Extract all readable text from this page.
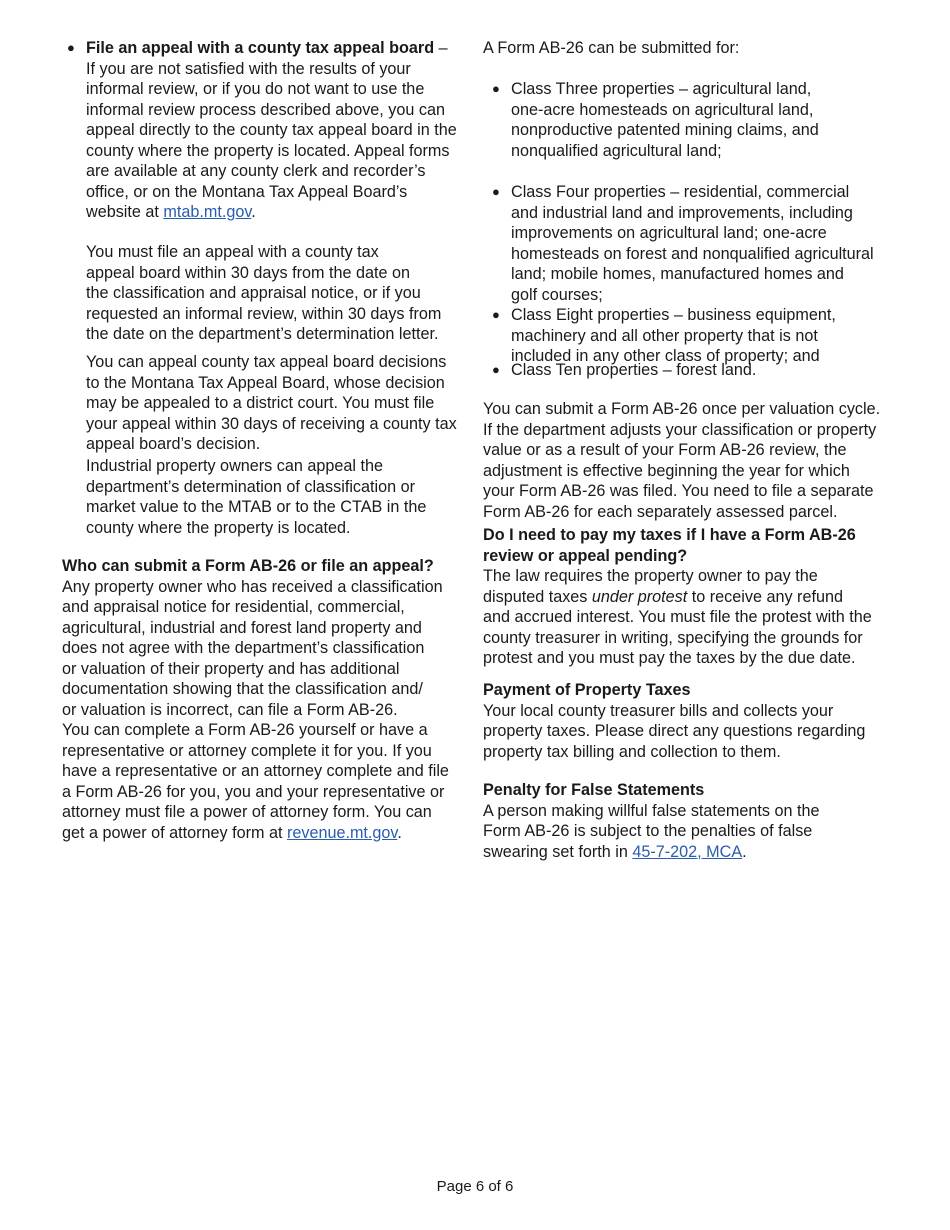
● File an appeal with a county tax appeal board –
If you are not satisfied with the results of your
informal review, or if you do not want to use the
informal review process described above, you can
appeal directly to the county tax appeal board in the
county where the property is located. Appeal forms
are available at any county clerk and recorder’s
office, or on the Montana Tax Appeal Board’s
website at mtab.mt.gov.
You must file an appeal with a county tax
appeal board within 30 days from the date on
the classification and appraisal notice, or if you
requested an informal review, within 30 days from
the date on the department’s determination letter.
You can appeal county tax appeal board decisions
to the Montana Tax Appeal Board, whose decision
may be appealed to a district court. You must file
your appeal within 30 days of receiving a county tax
appeal board’s decision.
Industrial property owners can appeal the
department’s determination of classification or
market value to the MTAB or to the CTAB in the
county where the property is located.
Who can submit a Form AB-26 or file an appeal?
Any property owner who has received a classification
and appraisal notice for residential, commercial,
agricultural, industrial and forest land property and
does not agree with the department’s classification
or valuation of their property and has additional
documentation showing that the classification and/
or valuation is incorrect, can file a Form AB-26.
You can complete a Form AB-26 yourself or have a
representative or attorney complete it for you. If you
have a representative or an attorney complete and file
a Form AB-26 for you, you and your representative or
attorney must file a power of attorney form. You can
get a power of attorney form at revenue.mt.gov.
A Form AB-26 can be submitted for:
● Class Three properties – agricultural land,
one-acre homesteads on agricultural land,
nonproductive patented mining claims, and
nonqualified agricultural land;
● Class Four properties – residential, commercial
and industrial land and improvements, including
improvements on agricultural land; one-acre
homesteads on forest and nonqualified agricultural
land; mobile homes, manufactured homes and
golf courses;
● Class Eight properties – business equipment,
machinery and all other property that is not
included in any other class of property; and
● Class Ten properties – forest land.
You can submit a Form AB-26 once per valuation cycle.
If the department adjusts your classification or property
value or as a result of your Form AB-26 review, the
adjustment is effective beginning the year for which
your Form AB-26 was filed. You need to file a separate
Form AB-26 for each separately assessed parcel.
Do I need to pay my taxes if I have a Form AB-26
review or appeal pending?
The law requires the property owner to pay the
disputed taxes under protest to receive any refund
and accrued interest. You must file the protest with the
county treasurer in writing, specifying the grounds for
protest and you must pay the taxes by the due date.
Payment of Property Taxes
Your local county treasurer bills and collects your
property taxes. Please direct any questions regarding
property tax billing and collection to them.
Penalty for False Statements
A person making willful false statements on the
Form AB-26 is subject to the penalties of false
swearing set forth in 45-7-202, MCA.
Page 6 of 6
